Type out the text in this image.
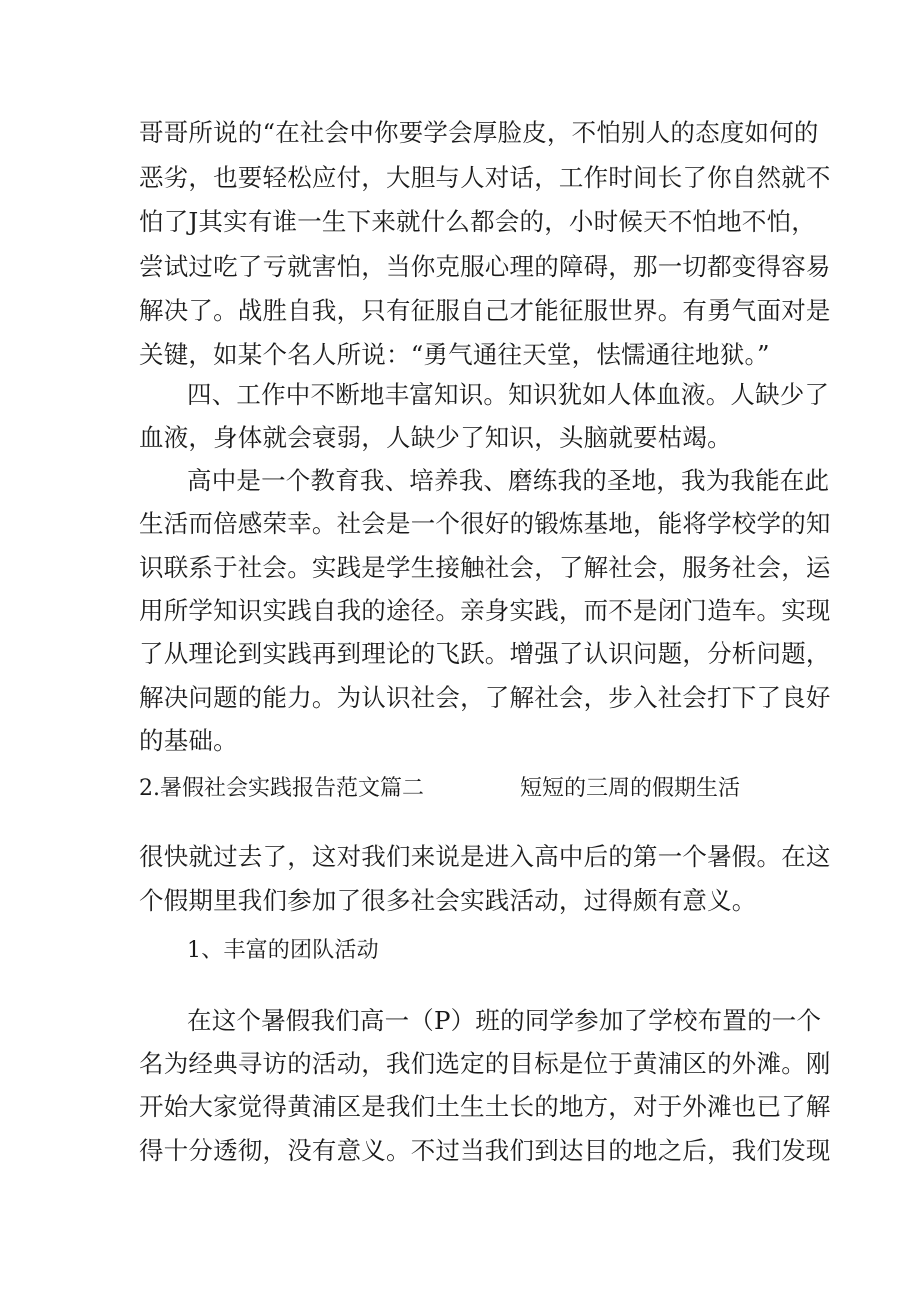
哥哥所说的“在社会中你要学会厚脸皮，不怕别人的态度如何的
恶劣，也要轻松应付，大胆与人对话，工作时间长了你自然就不
怕了J其实有谁一生下来就什么都会的，小时候天不怕地不怕，
尝试过吃了亏就害怕，当你克服心理的障碍，那一切都变得容易
解决了。战胜自我，只有征服自己才能征服世界。有勇气面对是
关键，如某个名人所说：“勇气通往天堂，怯懦通往地狱。”
四、工作中不断地丰富知识。知识犹如人体血液。人缺少了
血液，身体就会衰弱，人缺少了知识，头脑就要枯竭。
高中是一个教育我、培养我、磨练我的圣地，我为我能在此
生活而倍感荣幸。社会是一个很好的锻炼基地，能将学校学的知
识联系于社会。实践是学生接触社会，了解社会，服务社会，运
用所学知识实践自我的途径。亲身实践，而不是闭门造车。实现
了从理论到实践再到理论的飞跃。增强了认识问题，分析问题，
解决问题的能力。为认识社会，了解社会，步入社会打下了良好
的基础。
2.暑假社会实践报告范文篇二	短短的三周的假期生活
很快就过去了，这对我们来说是进入高中后的第一个暑假。在这
个假期里我们参加了很多社会实践活动，过得颇有意义。
1、丰富的团队活动
在这个暑假我们高一（P）班的同学参加了学校布置的一个
名为经典寻访的活动，我们选定的目标是位于黄浦区的外滩。刚
开始大家觉得黄浦区是我们土生土长的地方，对于外滩也已了解
得十分透彻，没有意义。不过当我们到达目的地之后，我们发现
